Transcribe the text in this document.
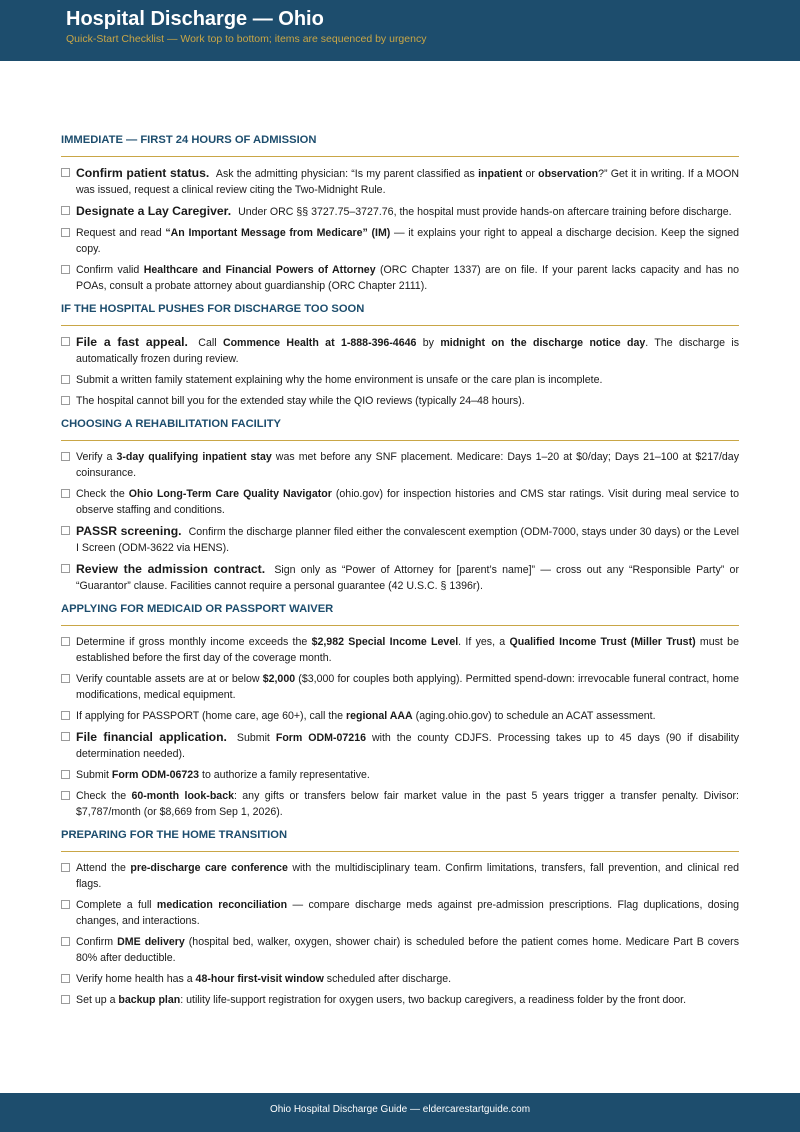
Hospital Discharge — Ohio
Quick-Start Checklist — Work top to bottom; items are sequenced by urgency
IMMEDIATE — FIRST 24 HOURS OF ADMISSION
Confirm patient status. Ask the admitting physician: “Is my parent classified as inpatient or observation?” Get it in writing. If a MOON was issued, request a clinical review citing the Two-Midnight Rule.
Designate a Lay Caregiver. Under ORC §§ 3727.75–3727.76, the hospital must provide hands-on aftercare training before discharge.
Request and read “An Important Message from Medicare” (IM) — it explains your right to appeal a discharge decision. Keep the signed copy.
Confirm valid Healthcare and Financial Powers of Attorney (ORC Chapter 1337) are on file. If your parent lacks capacity and has no POAs, consult a probate attorney about guardianship (ORC Chapter 2111).
IF THE HOSPITAL PUSHES FOR DISCHARGE TOO SOON
File a fast appeal. Call Commence Health at 1-888-396-4646 by midnight on the discharge notice day. The discharge is automatically frozen during review.
Submit a written family statement explaining why the home environment is unsafe or the care plan is incomplete.
The hospital cannot bill you for the extended stay while the QIO reviews (typically 24–48 hours).
CHOOSING A REHABILITATION FACILITY
Verify a 3-day qualifying inpatient stay was met before any SNF placement. Medicare: Days 1–20 at $0/day; Days 21–100 at $217/day coinsurance.
Check the Ohio Long-Term Care Quality Navigator (ohio.gov) for inspection histories and CMS star ratings. Visit during meal service to observe staffing and conditions.
PASSR screening. Confirm the discharge planner filed either the convalescent exemption (ODM-7000, stays under 30 days) or the Level I Screen (ODM-3622 via HENS).
Review the admission contract. Sign only as “Power of Attorney for [parent’s name]” — cross out any “Responsible Party” or “Guarantor” clause. Facilities cannot require a personal guarantee (42 U.S.C. § 1396r).
APPLYING FOR MEDICAID OR PASSPORT WAIVER
Determine if gross monthly income exceeds the $2,982 Special Income Level. If yes, a Qualified Income Trust (Miller Trust) must be established before the first day of the coverage month.
Verify countable assets are at or below $2,000 ($3,000 for couples both applying). Permitted spend-down: irrevocable funeral contract, home modifications, medical equipment.
If applying for PASSPORT (home care, age 60+), call the regional AAA (aging.ohio.gov) to schedule an ACAT assessment.
File financial application. Submit Form ODM-07216 with the county CDJFS. Processing takes up to 45 days (90 if disability determination needed).
Submit Form ODM-06723 to authorize a family representative.
Check the 60-month look-back: any gifts or transfers below fair market value in the past 5 years trigger a transfer penalty. Divisor: $7,787/month (or $8,669 from Sep 1, 2026).
PREPARING FOR THE HOME TRANSITION
Attend the pre-discharge care conference with the multidisciplinary team. Confirm limitations, transfers, fall prevention, and clinical red flags.
Complete a full medication reconciliation — compare discharge meds against pre-admission prescriptions. Flag duplications, dosing changes, and interactions.
Confirm DME delivery (hospital bed, walker, oxygen, shower chair) is scheduled before the patient comes home. Medicare Part B covers 80% after deductible.
Verify home health has a 48-hour first-visit window scheduled after discharge.
Set up a backup plan: utility life-support registration for oxygen users, two backup caregivers, a readiness folder by the front door.
Ohio Hospital Discharge Guide — eldercarestartguide.com
